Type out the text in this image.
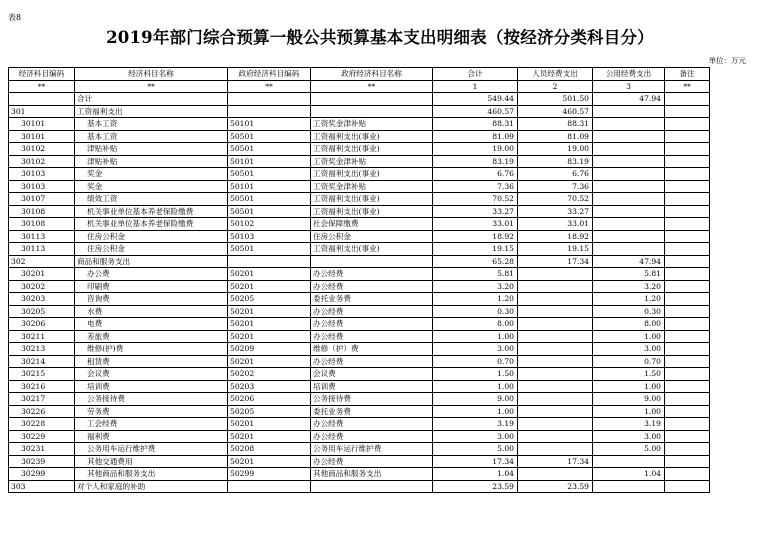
表8
2019年部门综合预算一般公共预算基本支出明细表（按经济分类科目分）
单位：万元
经济科目编码	经济科目名称	政府经济科目编码	政府经济科目名称	合计	人员经费支出	公用经费支出	备注
**	**	**	**	1	2	3	**
	合计			549.44	501.50	47.94	
301	工资福利支出			460.57	460.57		
30101	基本工资	50101	工资奖金津补贴	88.31	88.31		
30101	基本工资	50501	工资福利支出(事业)	81.09	81.09		
30102	津贴补贴	50501	工资福利支出(事业)	19.00	19.00		
30102	津贴补贴	50101	工资奖金津补贴	83.19	83.19		
30103	奖金	50501	工资福利支出(事业)	6.76	6.76		
30103	奖金	50101	工资奖金津补贴	7.36	7.36		
30107	绩效工资	50501	工资福利支出(事业)	70.52	70.52		
30108	机关事业单位基本养老保险缴费	50501	工资福利支出(事业)	33.27	33.27		
30108	机关事业单位基本养老保险缴费	50102	社会保障缴费	33.01	33.01		
30113	住房公积金	50103	住房公积金	18.92	18.92		
30113	住房公积金	50501	工资福利支出(事业)	19.15	19.15		
302	商品和服务支出			65.28	17.34	47.94	
30201	办公费	50201	办公经费	5.81		5.81	
30202	印刷费	50201	办公经费	3.20		3.20	
30203	咨询费	50205	委托业务费	1.20		1.20	
30205	水费	50201	办公经费	0.30		0.30	
30206	电费	50201	办公经费	8.00		8.00	
30211	差旅费	50201	办公经费	1.00		1.00	
30213	维修(护)费	50209	维修（护）费	3.00		3.00	
30214	租赁费	50201	办公经费	0.70		0.70	
30215	会议费	50202	会议费	1.50		1.50	
30216	培训费	50203	培训费	1.00		1.00	
30217	公务接待费	50206	公务接待费	9.00		9.00	
30226	劳务费	50205	委托业务费	1.00		1.00	
30228	工会经费	50201	办公经费	3.19		3.19	
30229	福利费	50201	办公经费	3.00		3.00	
30231	公务用车运行维护费	50208	公务用车运行维护费	5.00		5.00	
30239	其他交通费用	50201	办公经费	17.34	17.34		
30299	其他商品和服务支出	50299	其他商品和服务支出	1.04		1.04	
303	对个人和家庭的补助			23.59	23.59		
